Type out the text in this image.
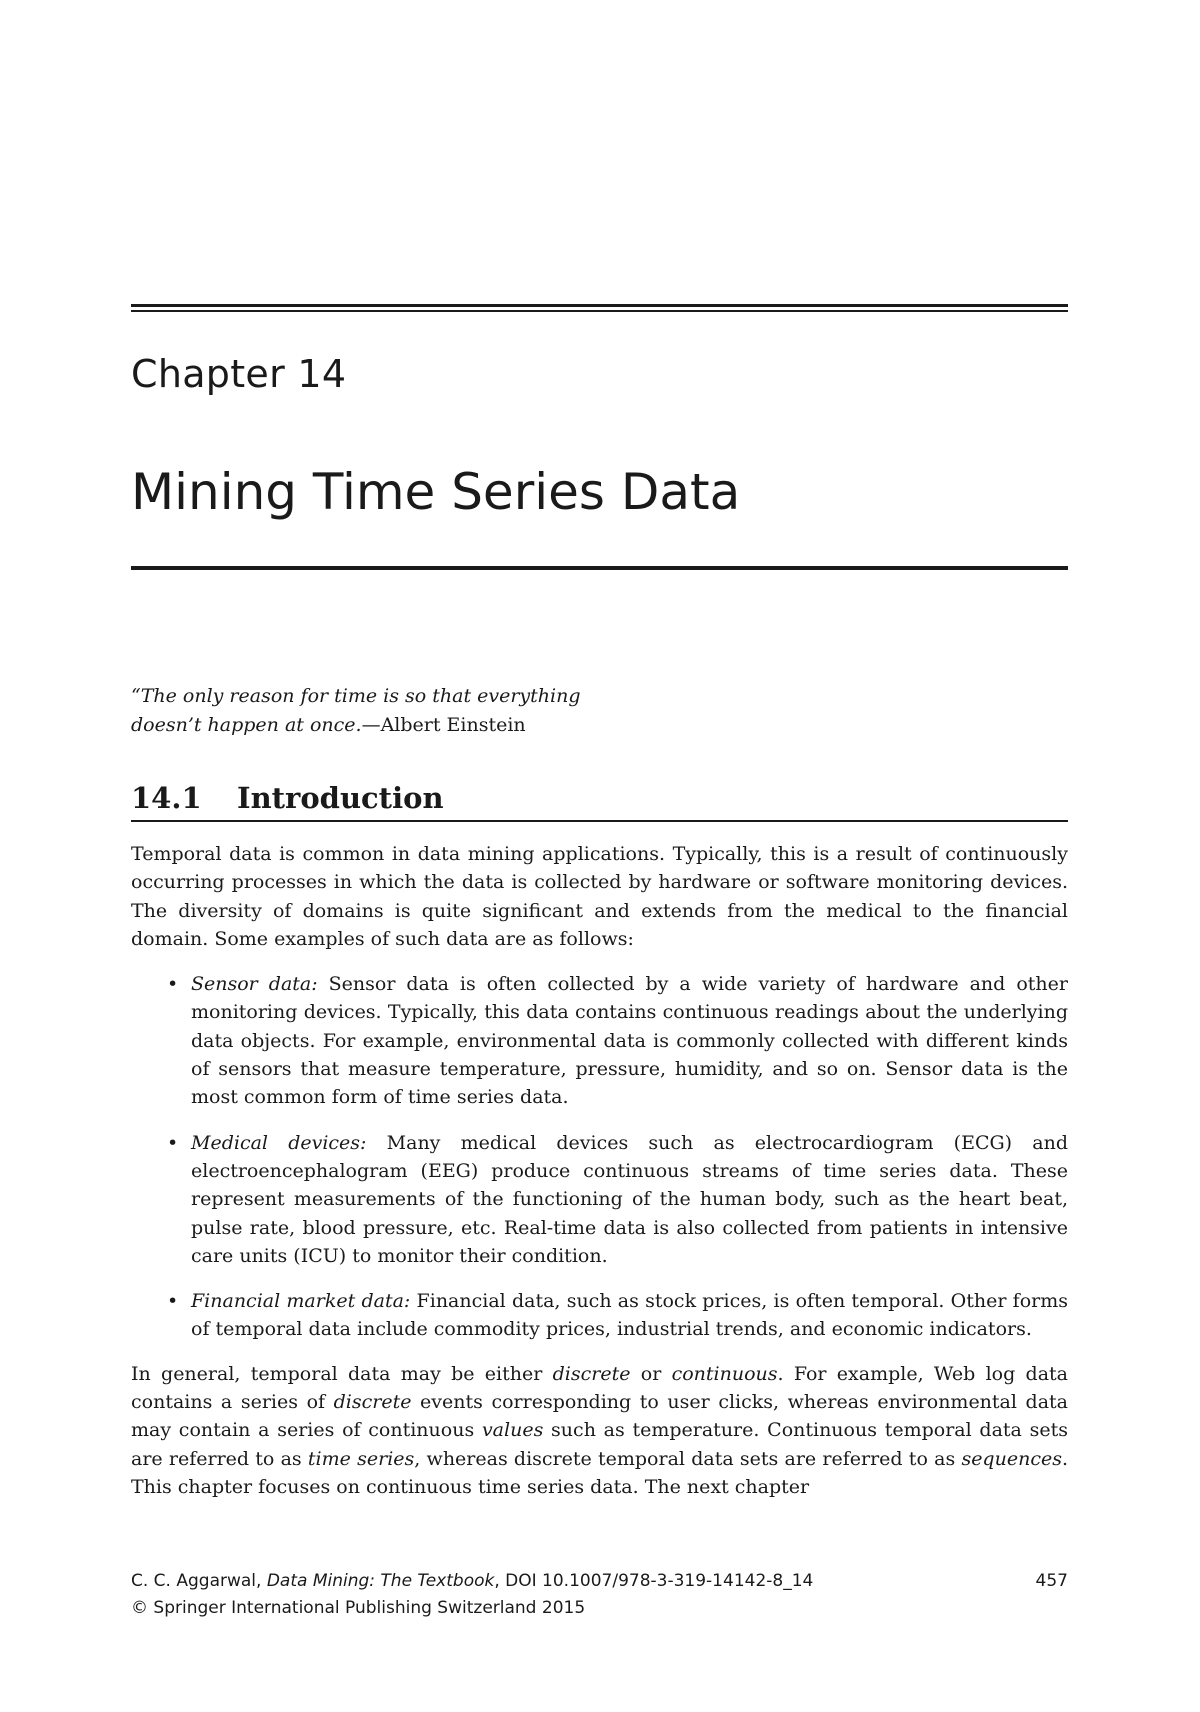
Chapter 14
Mining Time Series Data
“The only reason for time is so that everything
doesn’t happen at once.—Albert Einstein
14.1 Introduction

Temporal data is common in data mining applications. Typically, this is a result of continuously occurring processes in which the data is collected by hardware or software monitoring devices. The diversity of domains is quite significant and extends from the medical to the financial domain. Some examples of such data are as follows:

• Sensor data: Sensor data is often collected by a wide variety of hardware and other monitoring devices. Typically, this data contains continuous readings about the underlying data objects. For example, environmental data is commonly collected with different kinds of sensors that measure temperature, pressure, humidity, and so on. Sensor data is the most common form of time series data.
• Medical devices: Many medical devices such as electrocardiogram (ECG) and electroencephalogram (EEG) produce continuous streams of time series data. These represent measurements of the functioning of the human body, such as the heart beat, pulse rate, blood pressure, etc. Real-time data is also collected from patients in intensive care units (ICU) to monitor their condition.
• Financial market data: Financial data, such as stock prices, is often temporal. Other forms of temporal data include commodity prices, industrial trends, and economic indicators.

In general, temporal data may be either discrete or continuous. For example, Web log data contains a series of discrete events corresponding to user clicks, whereas environmental data may contain a series of continuous values such as temperature. Continuous temporal data sets are referred to as time series, whereas discrete temporal data sets are referred to as sequences. This chapter focuses on continuous time series data. The next chapter

C. C. Aggarwal, Data Mining: The Textbook, DOI 10.1007/978-3-319-14142-8_14
© Springer International Publishing Switzerland 2015
457
